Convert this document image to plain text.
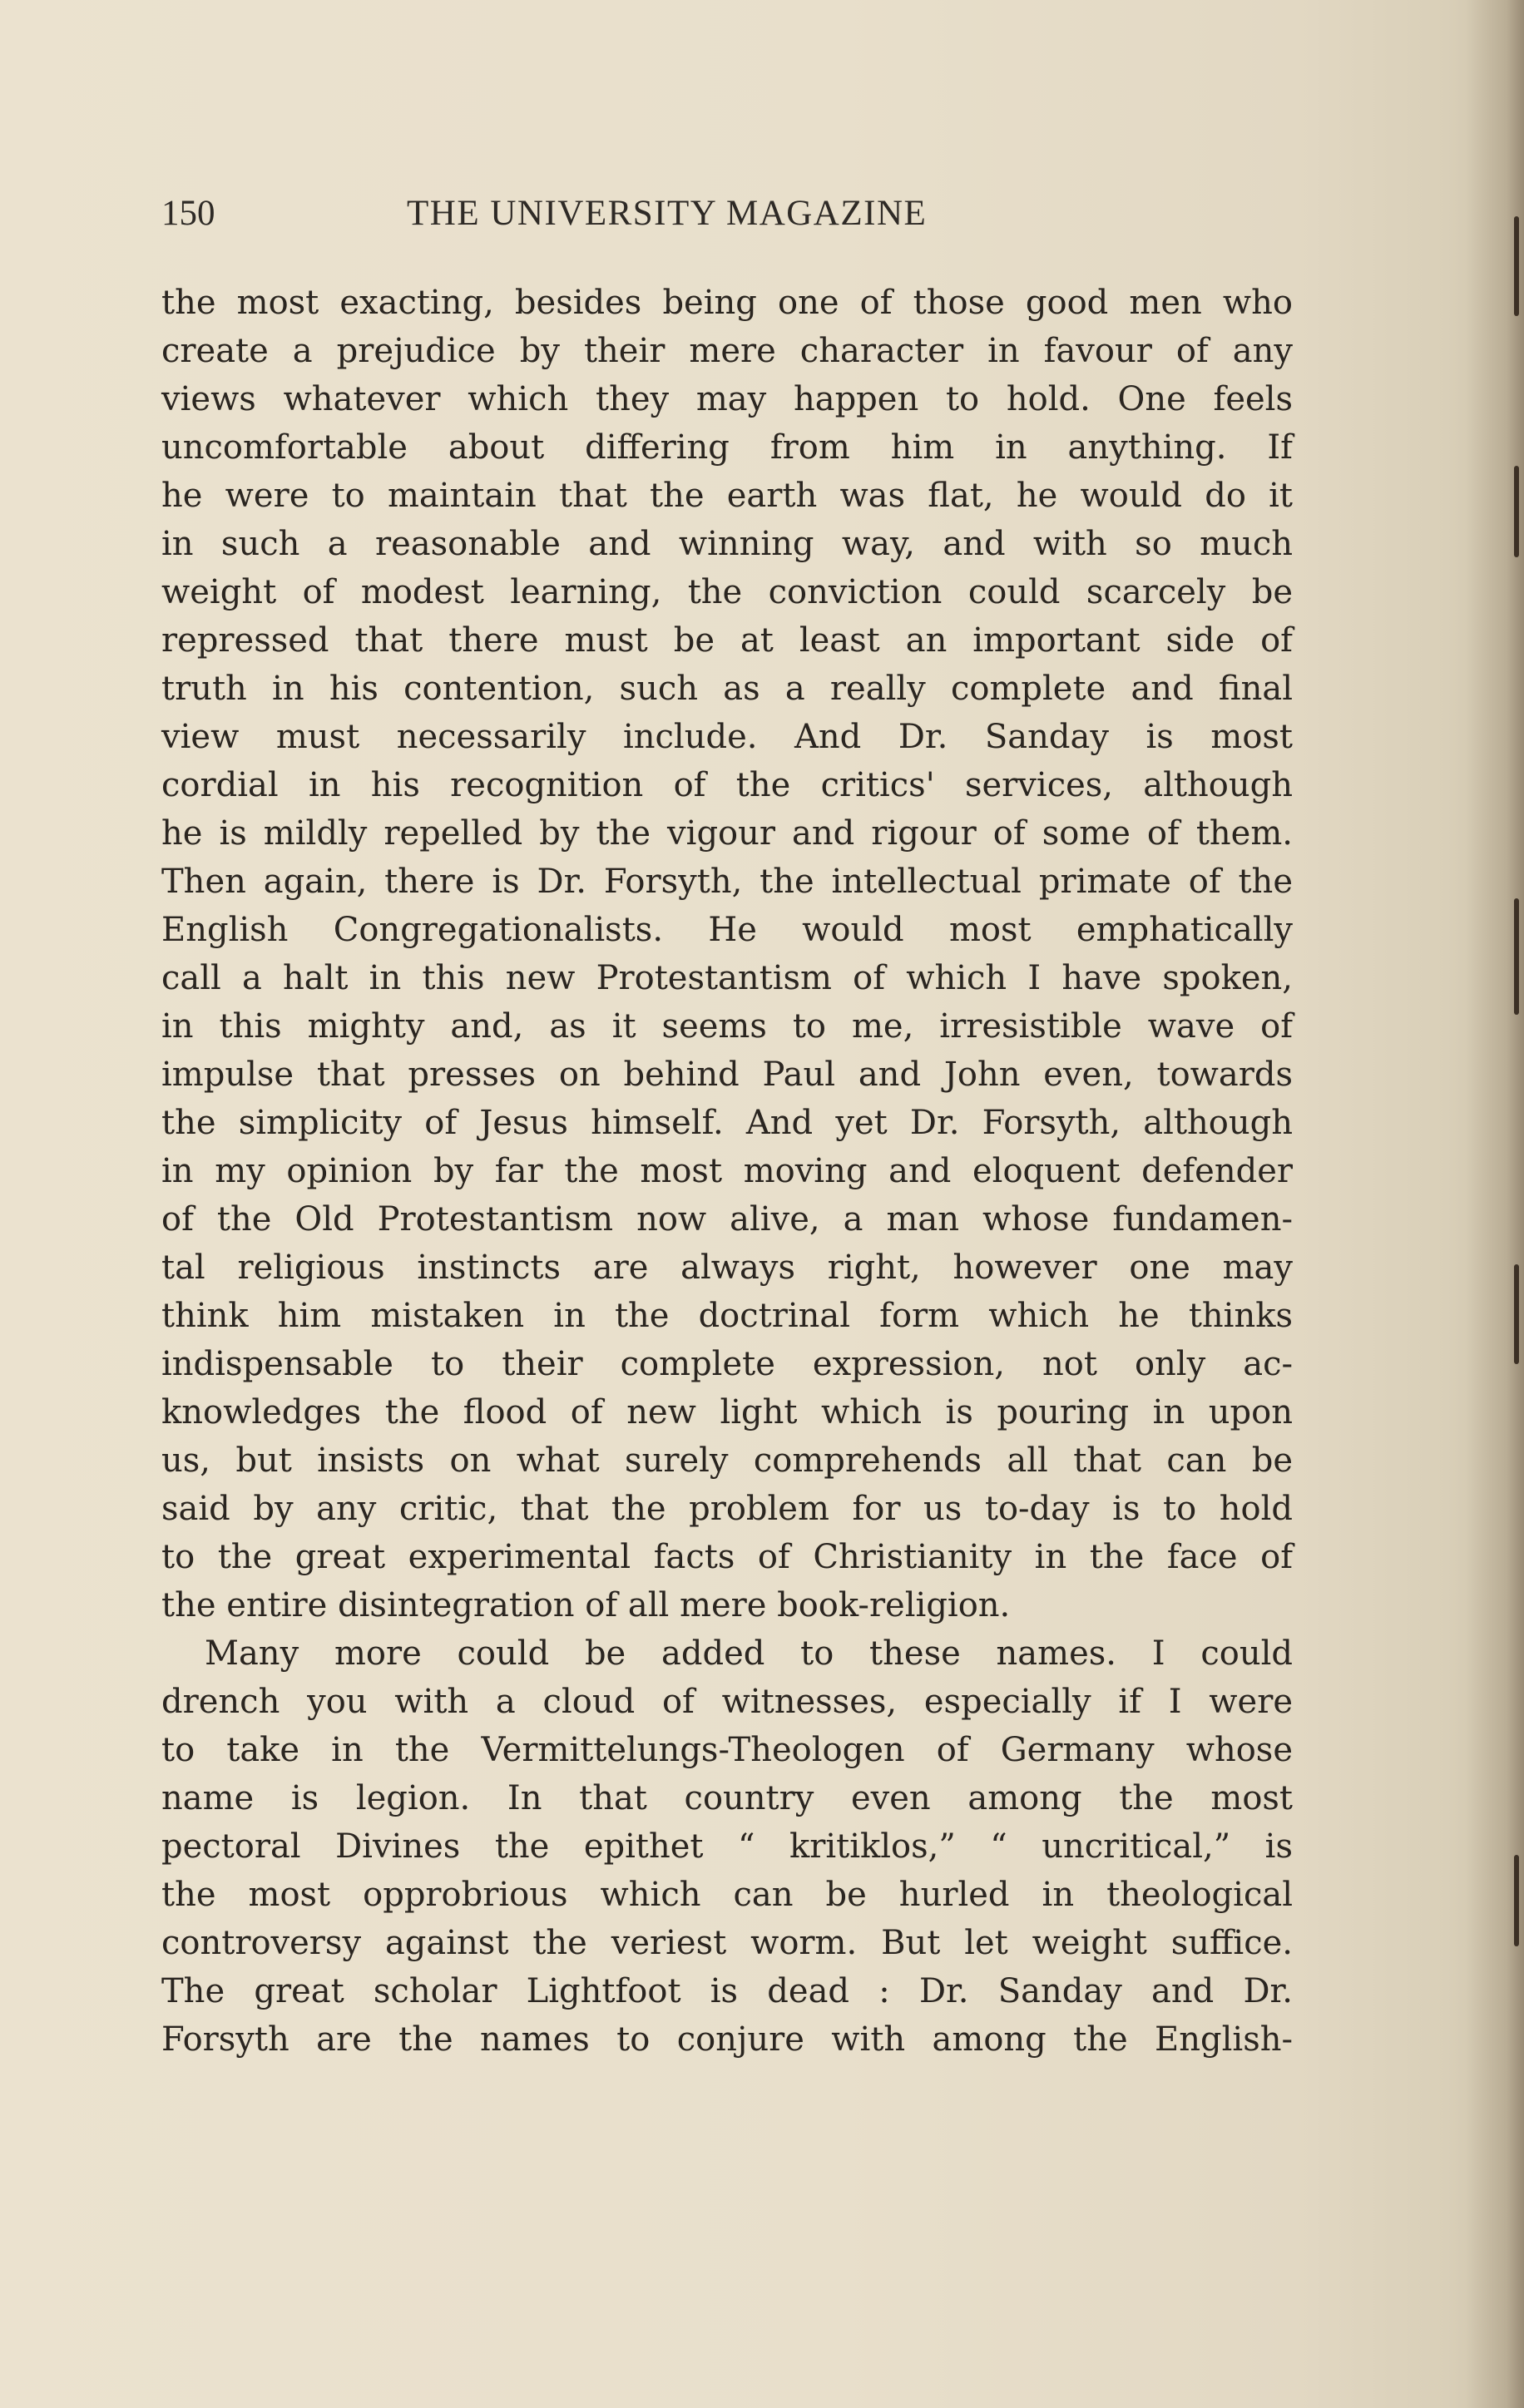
150	THE UNIVERSITY MAGAZINE
the most exacting, besides being one of those good men who
create a prejudice by their mere character in favour of any
views whatever which they may happen to hold. One feels
uncomfortable about differing from him in anything. If
he were to maintain that the earth was flat, he would do it
in such a reasonable and winning way, and with so much
weight of modest learning, the conviction could scarcely be
repressed that there must be at least an important side of
truth in his contention, such as a really complete and final
view must necessarily include. And Dr. Sanday is most
cordial in his recognition of the critics' services, although
he is mildly repelled by the vigour and rigour of some of them.
Then again, there is Dr. Forsyth, the intellectual primate of the
English Congregationalists. He would most emphatically
call a halt in this new Protestantism of which I have spoken,
in this mighty and, as it seems to me, irresistible wave of
impulse that presses on behind Paul and John even, towards
the simplicity of Jesus himself. And yet Dr. Forsyth, although
in my opinion by far the most moving and eloquent defender
of the Old Protestantism now alive, a man whose fundamen-
tal religious instincts are always right, however one may
think him mistaken in the doctrinal form which he thinks
indispensable to their complete expression, not only ac-
knowledges the flood of new light which is pouring in upon
us, but insists on what surely comprehends all that can be
said by any critic, that the problem for us to-day is to hold
to the great experimental facts of Christianity in the face of
the entire disintegration of all mere book-religion.
Many more could be added to these names. I could
drench you with a cloud of witnesses, especially if I were
to take in the Vermittelungs-Theologen of Germany whose
name is legion. In that country even among the most
pectoral Divines the epithet “ kritiklos,” “ uncritical,” is
the most opprobrious which can be hurled in theological
controversy against the veriest worm. But let weight suffice.
The great scholar Lightfoot is dead : Dr. Sanday and Dr.
Forsyth are the names to conjure with among the English-
